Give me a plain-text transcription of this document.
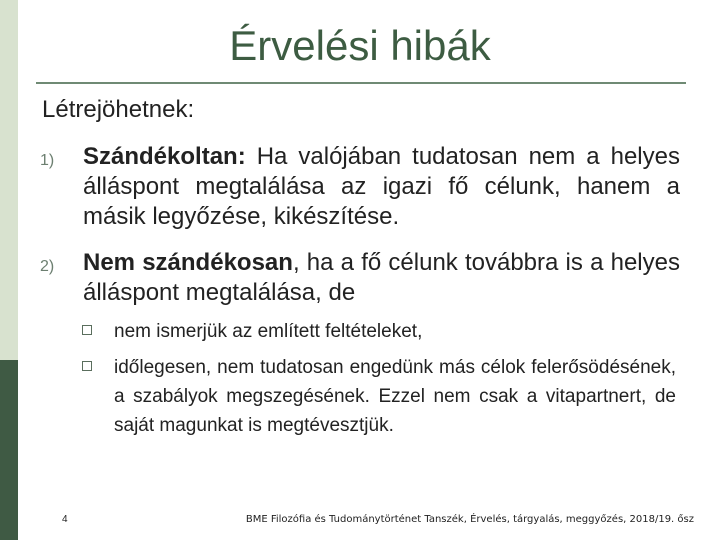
Érvelési hibák
Létrejöhetnek:
1) Szándékoltan: Ha valójában tudatosan nem a helyes álláspont megtalálása az igazi fő célunk, hanem a másik legyőzése, kikészítése.
2) Nem szándékosan, ha a fő célunk továbbra is a helyes álláspont megtalálása, de
nem ismerjük az említett feltételeket,
időlegesen, nem tudatosan engedünk más célok felerősödésének, a szabályok megszegésének. Ezzel nem csak a vitapartnert, de saját magunkat is megtévesztjük.
4	BME Filozófia és Tudománytörténet Tanszék, Érvelés, tárgyalás, meggyőzés, 2018/19. ősz
